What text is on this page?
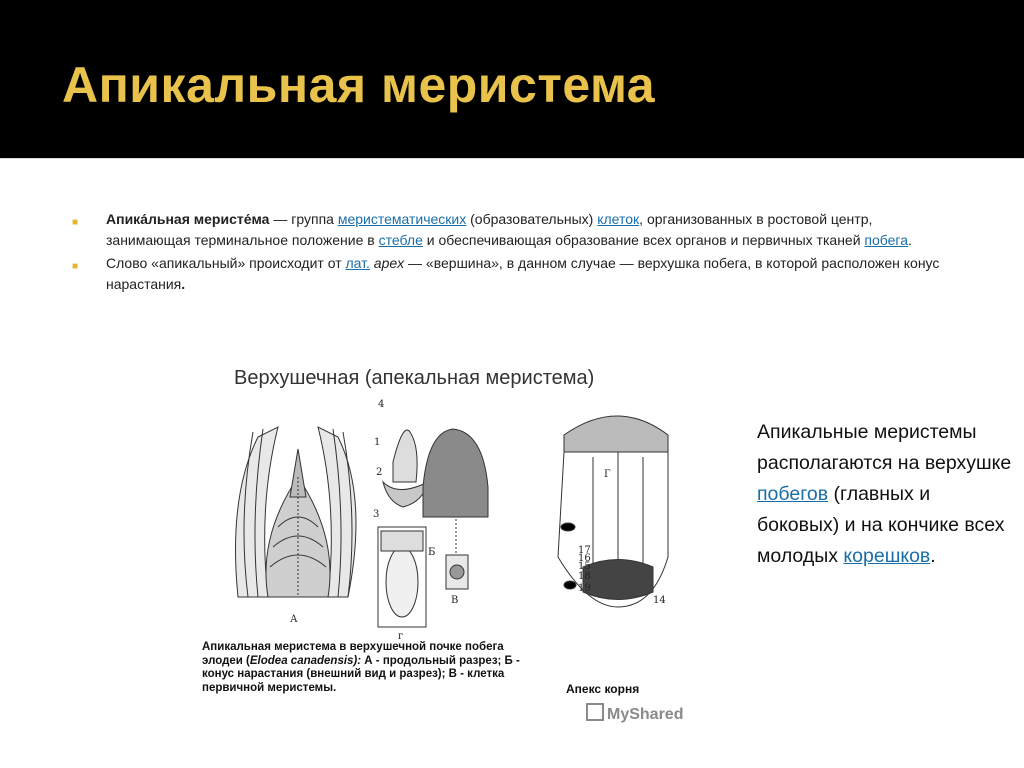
Апикальная меристема
■ Апика́льная мeристе́ма — группа меристематических (образовательных) клеток, организованных в ростовой центр, занимающая терминальное положение в стебле и обеспечивающая образование всех органов и первичных тканей побега.
■ Слово «апикальный» происходит от лат. apex — «вершина», в данном случае — верхушка побега, в которой расположен конус нарастания.
Верхушечная (апекальная меристема)
А
Б
В
г
Г
1
2
3
4
14
15
16
17
18
19
Апикальная меристема в верхушечной почке побега элодеи (Elodea canadensis): А - продольный разрез; Б - конус нарастания (внешний вид и разрез); В - клетка первичной меристемы.	Апекс корня
MyShared
Апикальные меристемы располагаются на верхушке побегов (главных и боковых) и на кончике всех молодых корешков.
